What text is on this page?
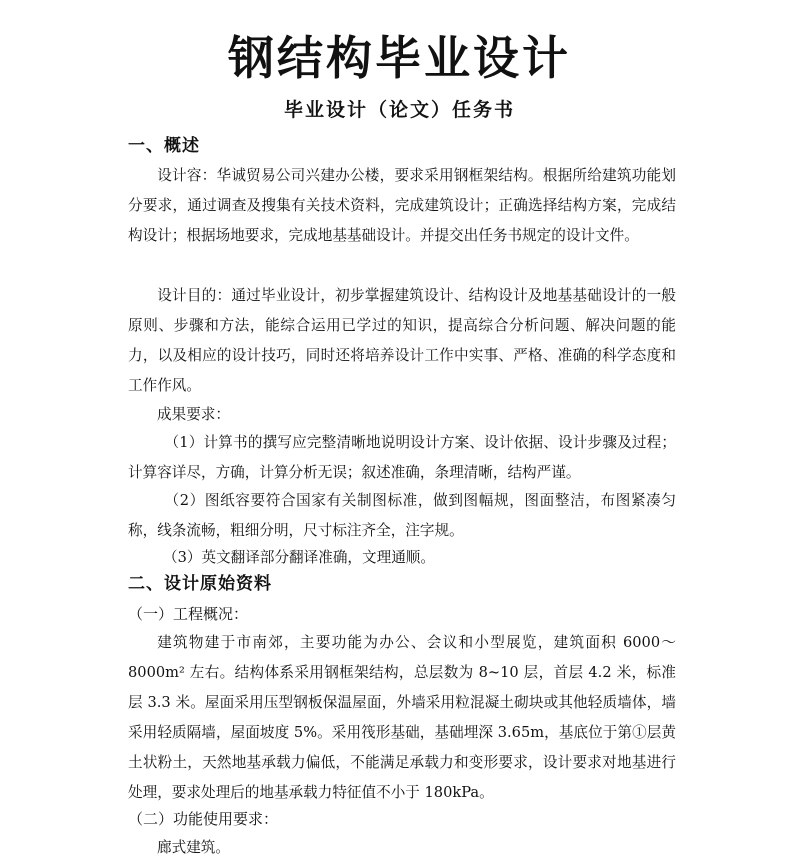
钢结构毕业设计
毕业设计（论文）任务书
一、概述

设计容：华诚贸易公司兴建办公楼，要求采用钢框架结构。根据所给建筑功能划分要求，通过调查及搜集有关技术资料，完成建筑设计；正确选择结构方案，完成结构设计；根据场地要求，完成地基基础设计。并提交出任务书规定的设计文件。

设计目的：通过毕业设计，初步掌握建筑设计、结构设计及地基基础设计的一般原则、步骤和方法，能综合运用已学过的知识，提高综合分析问题、解决问题的能力，以及相应的设计技巧，同时还将培养设计工作中实事、严格、准确的科学态度和工作作风。

成果要求：

（1）计算书的撰写应完整清晰地说明设计方案、设计依据、设计步骤及过程；计算容详尽，方确，计算分析无误；叙述准确，条理清晰，结构严谨。

（2）图纸容要符合国家有关制图标准，做到图幅规，图面整洁，布图紧凑匀称，线条流畅，粗细分明，尺寸标注齐全，注字规。

（3）英文翻译部分翻译准确，文理通顺。
二、设计原始资料
（一）工程概况：

建筑物建于市南郊，主要功能为办公、会议和小型展览，建筑面积 6000～8000m² 左右。结构体系采用钢框架结构，总层数为 8~10 层，首层 4.2 米，标准层 3.3 米。屋面采用压型钢板保温屋面，外墙采用粒混凝土砌块或其他轻质墙体，墙采用轻质隔墙，屋面坡度 5%。采用筏形基础，基础埋深 3.65m，基底位于第①层黄土状粉土，天然地基承载力偏低，不能满足承载力和变形要求，设计要求对地基进行处理，要求处理后的地基承载力特征值不小于 180kPa。

（二）功能使用要求：
廊式建筑。
